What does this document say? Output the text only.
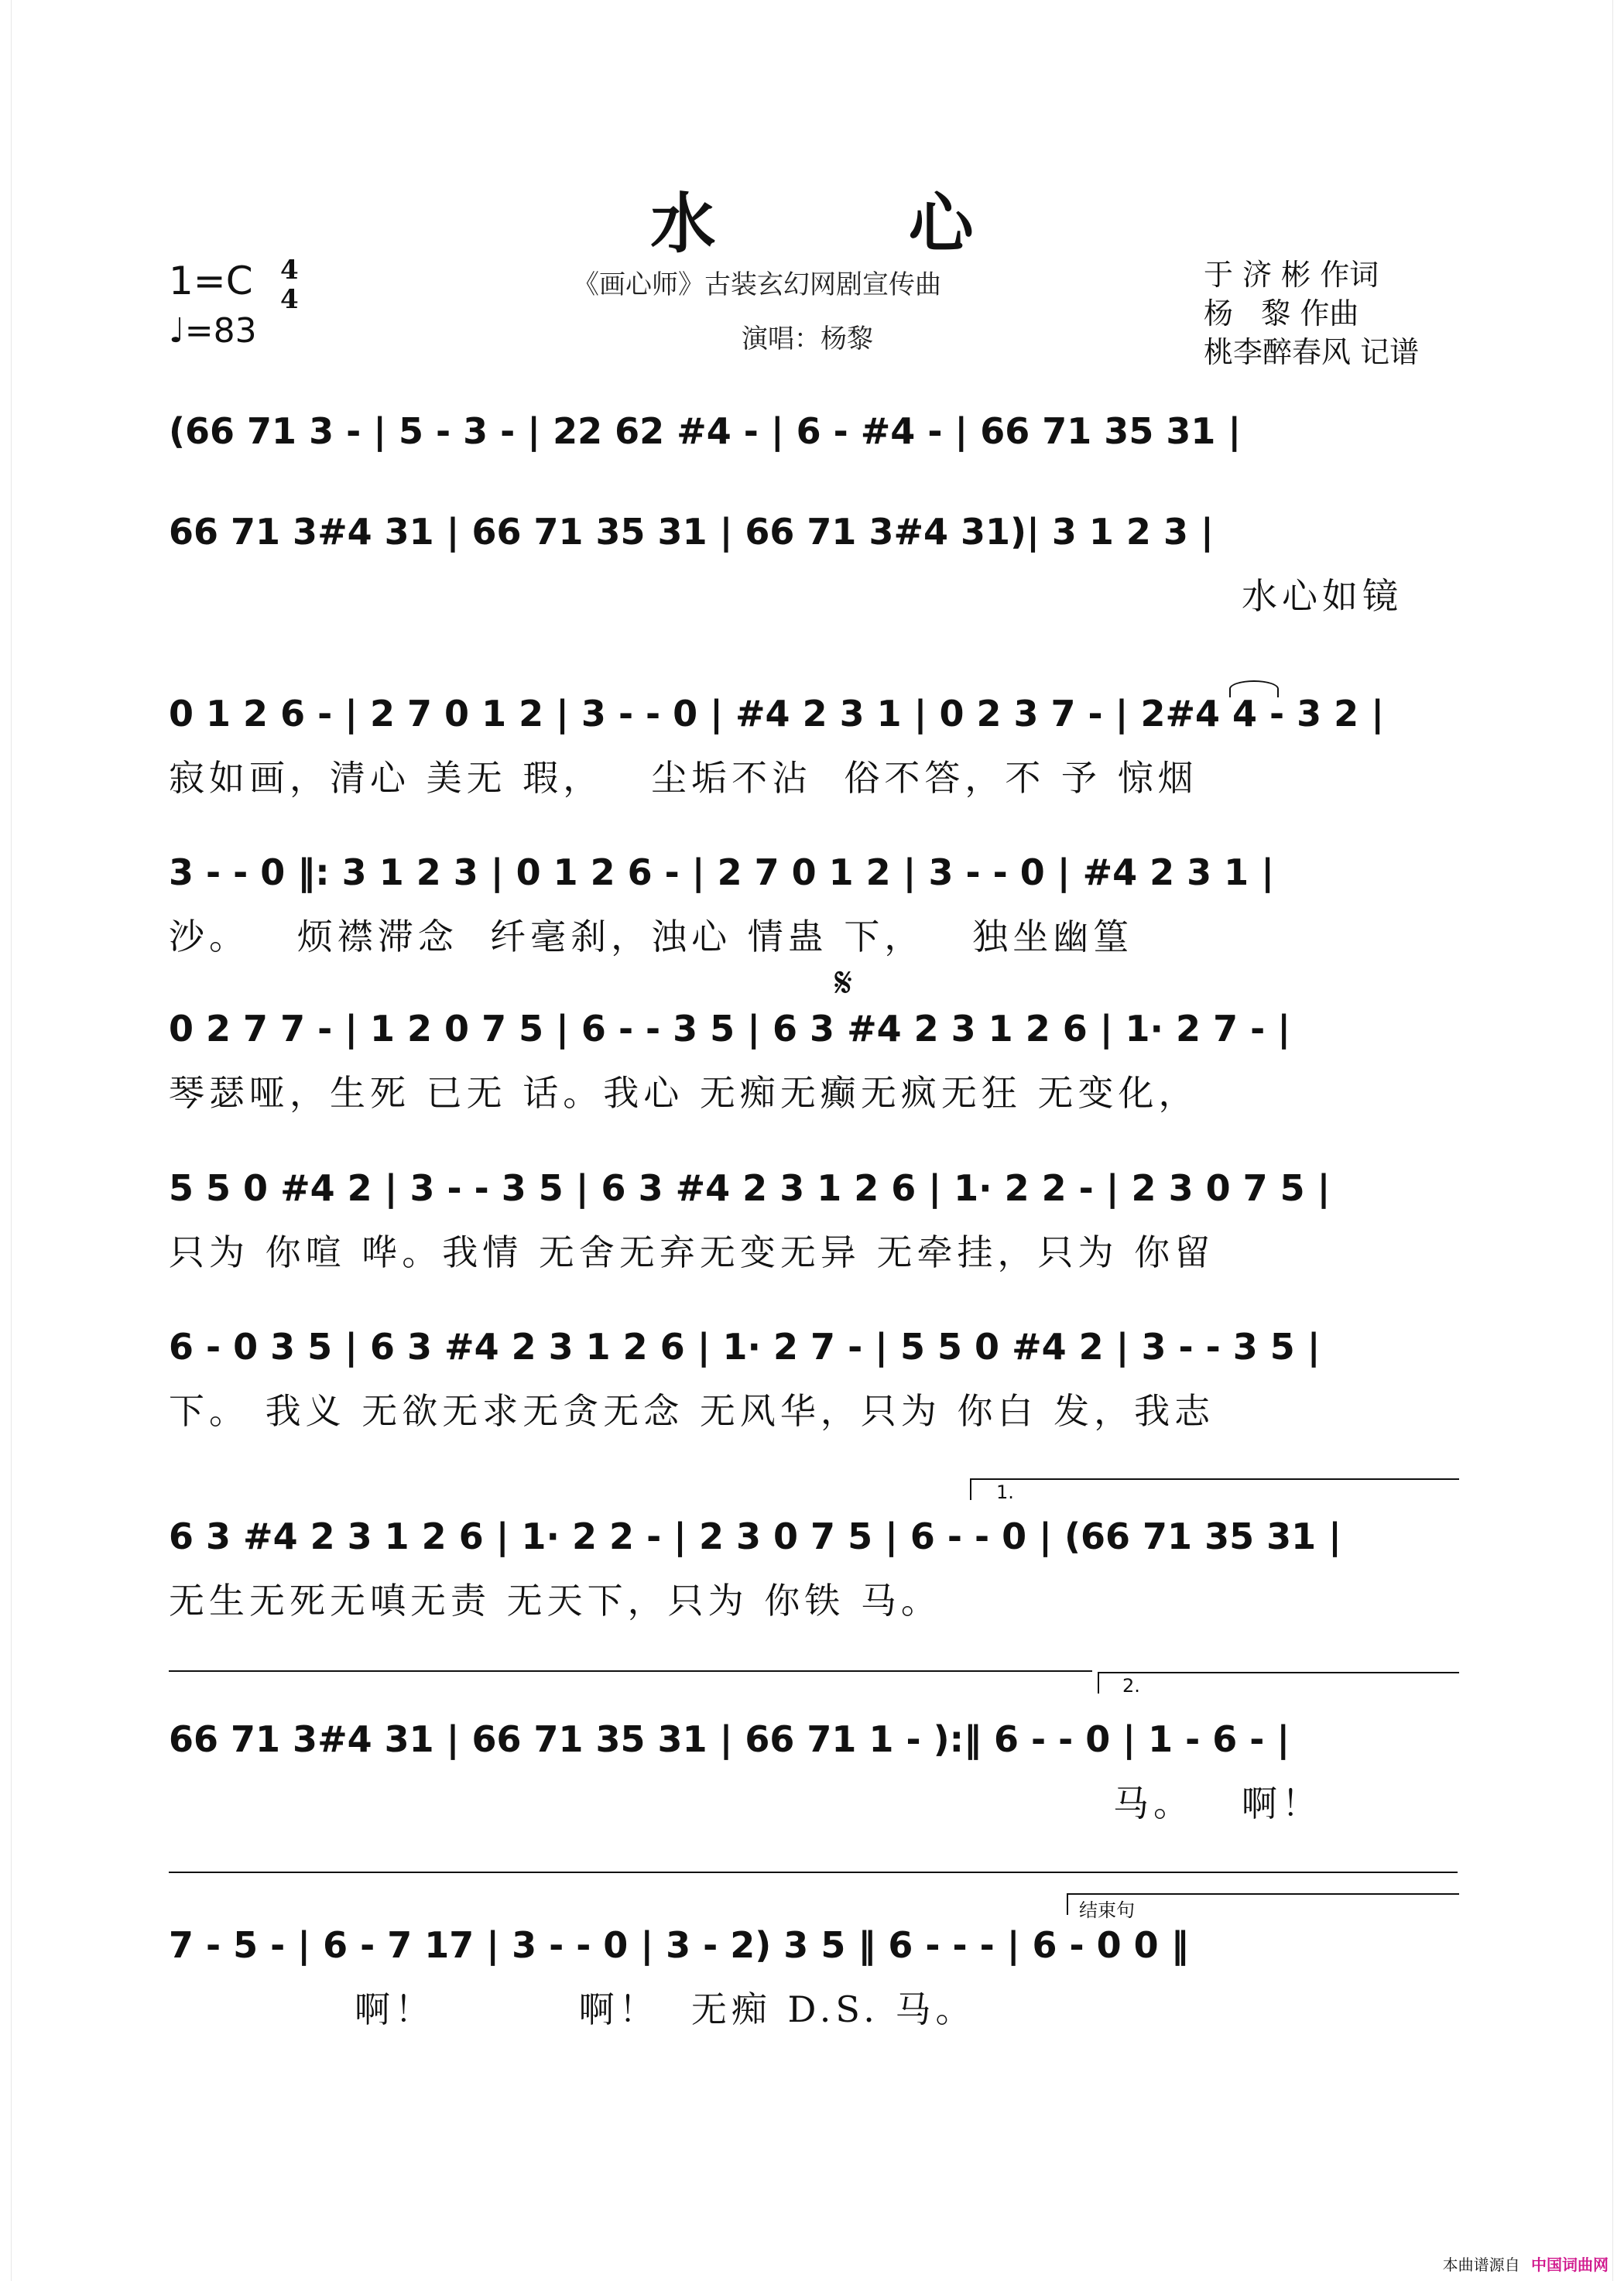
水 心
1=C 4
4
♩=83
《画心师》古装玄幻网剧宣传曲
演唱：杨黎
于 济 彬 作词
杨   黎 作曲
桃李醉春风 记谱
(66 71 3 - | 5 - 3 - | 22 62 #4 - | 6 - #4 - | 66 71 35 31 |
66 71 3#4 31 | 66 71 35 31 | 66 71 3#4 31)| 3 1 2 3 |
水心如镜
0 1 2 6 - | 2 7 0 1 2 | 3 - - 0 | #4 2 3 1 | 0 2 3 7 - | 2#4 4 - 3 2 |
寂如画，清心 美无 瑕，   尘垢不沾  俗不答，不 予 惊烟
3 - - 0 ‖: 3 1 2 3 | 0 1 2 6 - | 2 7 0 1 2 | 3 - - 0 | #4 2 3 1 |
沙。   烦襟滞念  纤毫刹，浊心 情蛊 下，   独坐幽篁
𝄋
0 2 7 7 - | 1 2 0 7 5 | 6 - - 3 5 | 6 3 #4 2 3 1 2 6 | 1· 2 7 - |
琴瑟哑，生死 已无 话。我心 无痴无癫无疯无狂 无变化，
5 5 0 #4 2 | 3 - - 3 5 | 6 3 #4 2 3 1 2 6 | 1· 2 2 - | 2 3 0 7 5 |
只为 你喧 哗。我情 无舍无弃无变无异 无牵挂，只为 你留
6 - 0 3 5 | 6 3 #4 2 3 1 2 6 | 1· 2 7 - | 5 5 0 #4 2 | 3 - - 3 5 |
下。 我义 无欲无求无贪无念 无风华，只为 你白 发，我志
1.
6 3 #4 2 3 1 2 6 | 1· 2 2 - | 2 3 0 7 5 | 6 - - 0 | (66 71 35 31 |
无生无死无嗔无责 无天下，只为 你铁 马。
2.
66 71 3#4 31 | 66 71 35 31 | 66 71 1 - ):‖ 6 - - 0 | 1 - 6 - |
马。   啊！
结束句
7 - 5 - | 6 - 7 17 | 3 - - 0 | 3 - 2) 3 5 ‖ 6 - - - | 6 - 0 0 ‖
啊！         啊！  无痴 D.S. 马。
本曲谱源自 中国词曲网
